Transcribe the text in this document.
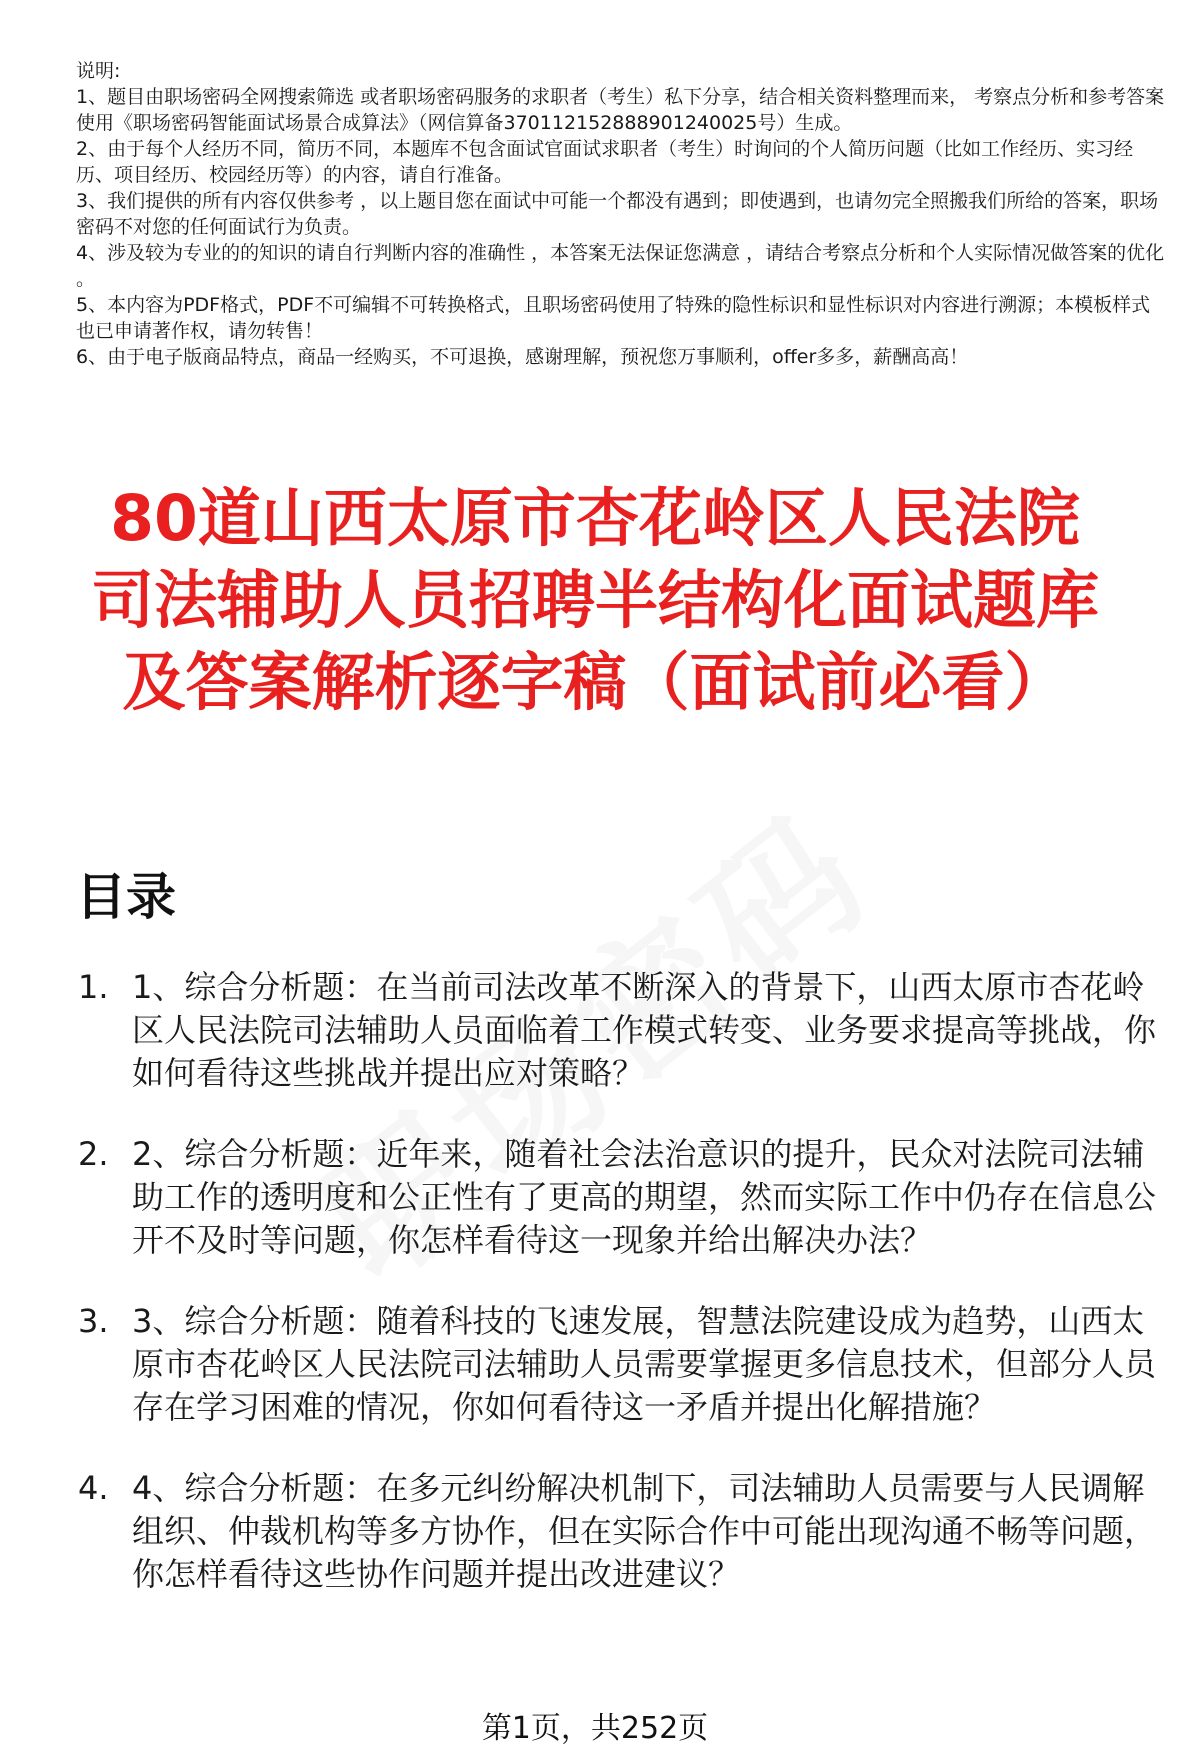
说明:

1、题目由职场密码全网搜索筛选 或者职场密码服务的求职者（考生）私下分享，结合相关资料整理而来， 考察点分析和参考答案使用《职场密码智能面试场景合成算法》（网信算备370112152888901240025号）生成。

2、由于每个人经历不同，简历不同，本题库不包含面试官面试求职者（考生）时询问的个人简历问题（比如工作经历、实习经历、项目经历、校园经历等）的内容，请自行准备。

3、我们提供的所有内容仅供参考 ，以上题目您在面试中可能一个都没有遇到；即使遇到，也请勿完全照搬我们所给的答案，职场密码不对您的任何面试行为负责。

4、涉及较为专业的的知识的请自行判断内容的准确性 ，本答案无法保证您满意 ，请结合考察点分析和个人实际情况做答案的优化 。

5、本内容为PDF格式，PDF不可编辑不可转换格式，且职场密码使用了特殊的隐性标识和显性标识对内容进行溯源；本模板样式也已申请著作权，请勿转售！

6、由于电子版商品特点，商品一经购买，不可退换，感谢理解，预祝您万事顺利，offer多多，薪酬高高！

80道山西太原市杏花岭区人民法院司法辅助人员招聘半结构化面试题库及答案解析逐字稿（面试前必看）
目录
1. 1、综合分析题：在当前司法改革不断深入的背景下，山西太原市杏花岭区人民法院司法辅助人员面临着工作模式转变、业务要求提高等挑战，你如何看待这些挑战并提出应对策略？
2. 2、综合分析题：近年来，随着社会法治意识的提升，民众对法院司法辅助工作的透明度和公正性有了更高的期望，然而实际工作中仍存在信息公开不及时等问题，你怎样看待这一现象并给出解决办法？
3. 3、综合分析题：随着科技的飞速发展，智慧法院建设成为趋势，山西太原市杏花岭区人民法院司法辅助人员需要掌握更多信息技术，但部分人员存在学习困难的情况，你如何看待这一矛盾并提出化解措施？
4. 4、综合分析题：在多元纠纷解决机制下，司法辅助人员需要与人民调解组织、仲裁机构等多方协作，但在实际合作中可能出现沟通不畅等问题，你怎样看待这些协作问题并提出改进建议？
第1页，共252页
